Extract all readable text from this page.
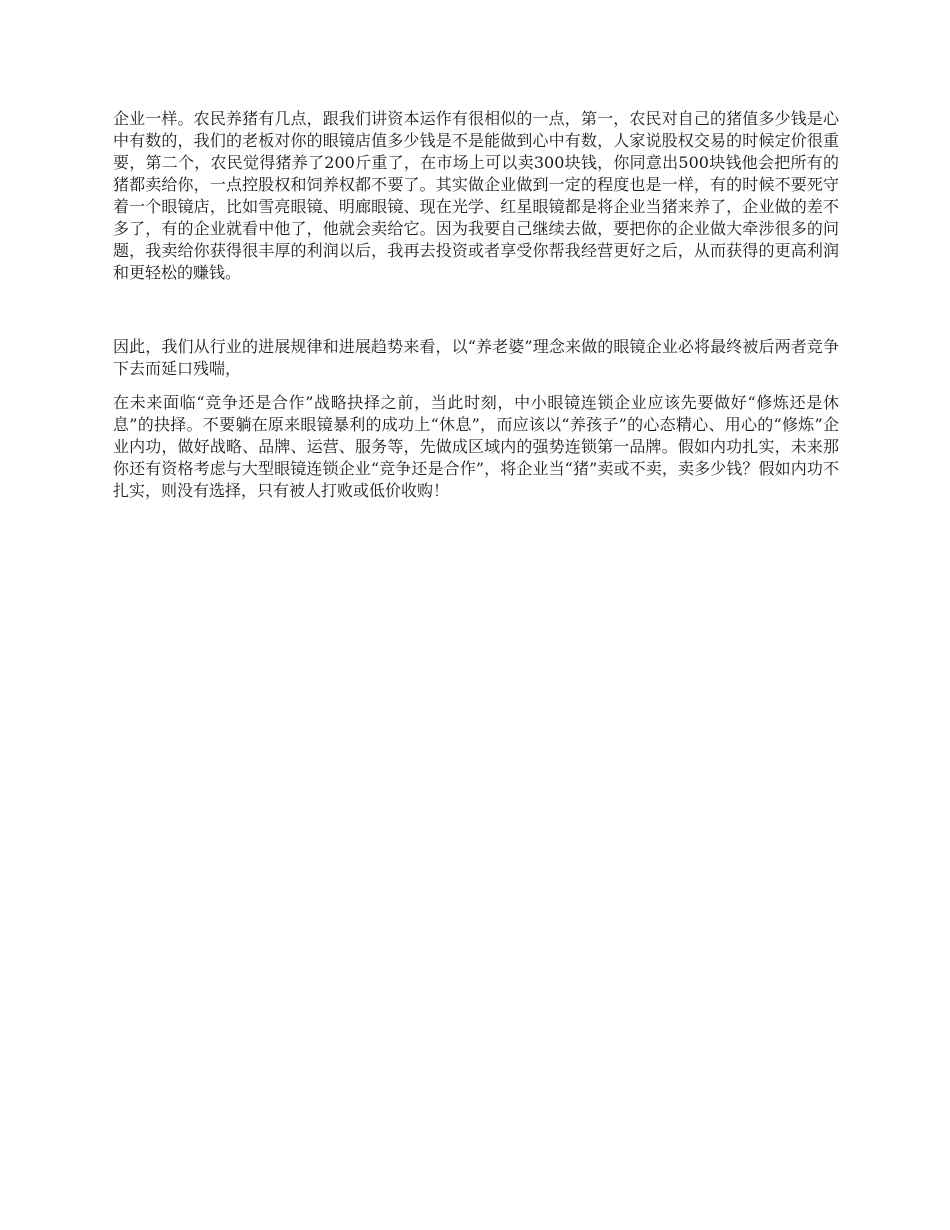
企业一样。农民养猪有几点，跟我们讲资本运作有很相似的一点，第一，农民对自己的猪值多少钱是心中有数的，我们的老板对你的眼镜店值多少钱是不是能做到心中有数，人家说股权交易的时候定价很重要，第二个，农民觉得猪养了200斤重了，在市场上可以卖300块钱，你同意出500块钱他会把所有的猪都卖给你，一点控股权和饲养权都不要了。其实做企业做到一定的程度也是一样，有的时候不要死守着一个眼镜店，比如雪亮眼镜、明廊眼镜、现在光学、红星眼镜都是将企业当猪来养了，企业做的差不多了，有的企业就看中他了，他就会卖给它。因为我要自己继续去做，要把你的企业做大牵涉很多的问题，我卖给你获得很丰厚的利润以后，我再去投资或者享受你帮我经营更好之后，从而获得的更高利润和更轻松的赚钱。

因此，我们从行业的进展规律和进展趋势来看，以“养老婆”理念来做的眼镜企业必将最终被后两者竞争下去而延口残喘，

在未来面临“竞争还是合作”战略抉择之前，当此时刻，中小眼镜连锁企业应该先要做好“修炼还是休息”的抉择。不要躺在原来眼镜暴利的成功上“休息”，而应该以“养孩子”的心态精心、用心的“修炼”企业内功，做好战略、品牌、运营、服务等，先做成区域内的强势连锁第一品牌。假如内功扎实，未来那你还有资格考虑与大型眼镜连锁企业“竞争还是合作”，将企业当“猪”卖或不卖，卖多少钱？假如内功不扎实，则没有选择，只有被人打败或低价收购！
